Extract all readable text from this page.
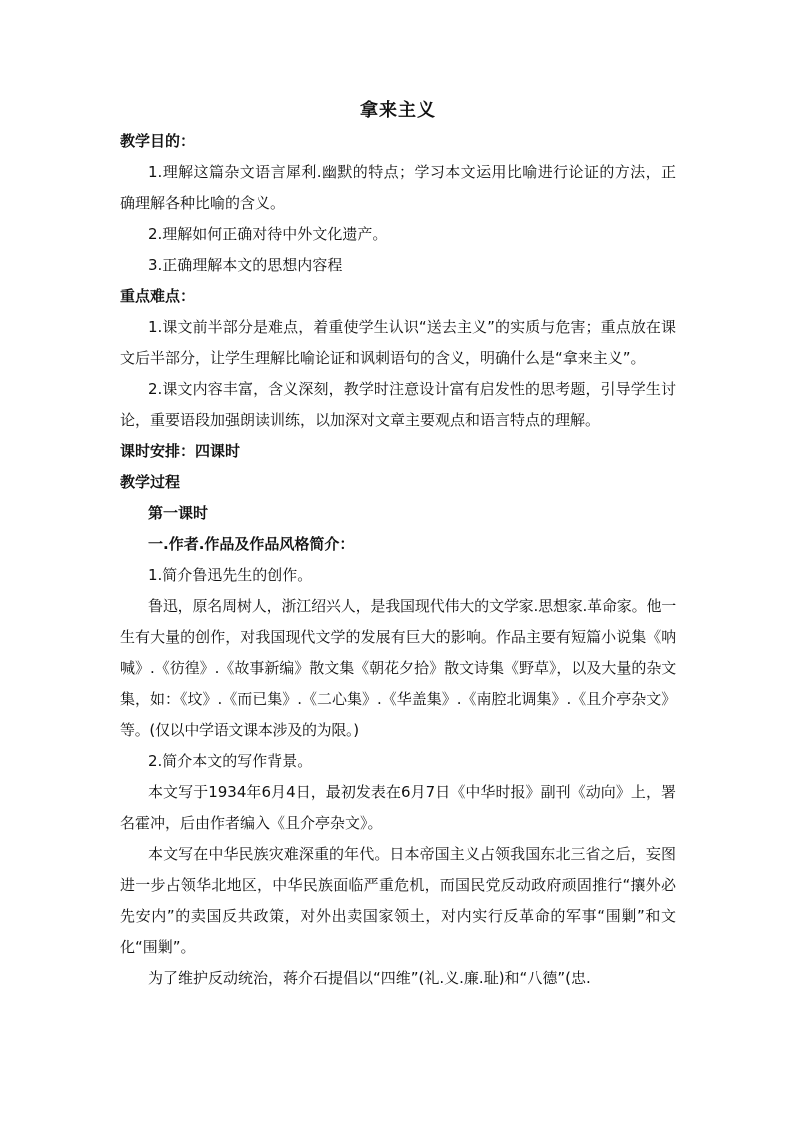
拿来主义

教学目的：

1.理解这篇杂文语言犀利.幽默的特点；学习本文运用比喻进行论证的方法，正确理解各种比喻的含义。

2.理解如何正确对待中外文化遗产。

3.正确理解本文的思想内容程

重点难点：

1.课文前半部分是难点，着重使学生认识“送去主义”的实质与危害；重点放在课文后半部分，让学生理解比喻论证和讽刺语句的含义，明确什么是“拿来主义”。

2.课文内容丰富，含义深刻，教学时注意设计富有启发性的思考题，引导学生讨论，重要语段加强朗读训练，以加深对文章主要观点和语言特点的理解。

课时安排：四课时

教学过程

第一课时

一.作者.作品及作品风格简介：

1.简介鲁迅先生的创作。

鲁迅，原名周树人，浙江绍兴人，是我国现代伟大的文学家.思想家.革命家。他一生有大量的创作，对我国现代文学的发展有巨大的影响。作品主要有短篇小说集《呐喊》.《彷徨》.《故事新编》散文集《朝花夕拾》散文诗集《野草》，以及大量的杂文集，如：《坟》.《而已集》.《二心集》.《华盖集》.《南腔北调集》.《且介亭杂文》等。(仅以中学语文课本涉及的为限。)

2.简介本文的写作背景。

本文写于1934年6月4日，最初发表在6月7日《中华时报》副刊《动向》上，署名霍冲，后由作者编入《且介亭杂文》。

本文写在中华民族灾难深重的年代。日本帝国主义占领我国东北三省之后，妄图进一步占领华北地区，中华民族面临严重危机，而国民党反动政府顽固推行“攘外必先安内”的卖国反共政策，对外出卖国家领土，对内实行反革命的军事“围剿”和文化“围剿”。

为了维护反动统治，蒋介石提倡以“四维”(礼.义.廉.耻)和“八德”(忠.
